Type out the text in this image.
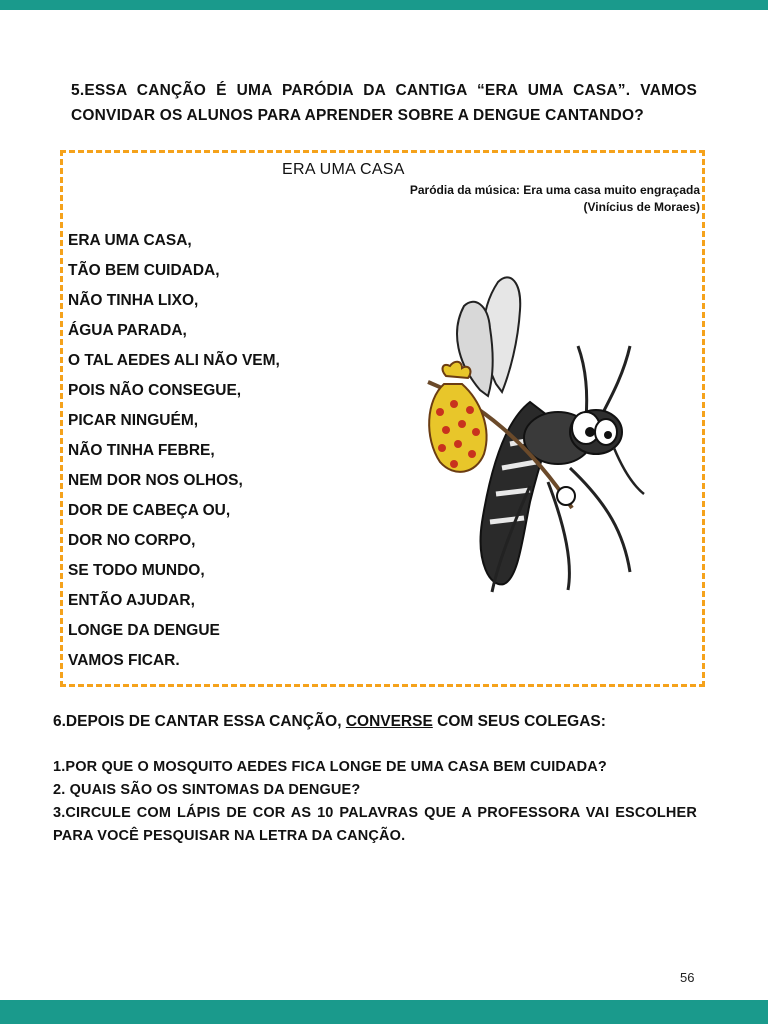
5.ESSA CANÇÃO É UMA PARÓDIA DA CANTIGA “ERA UMA CASA”. VAMOS CONVIDAR OS ALUNOS PARA APRENDER SOBRE A DENGUE CANTANDO?
ERA UMA CASA
Paródia da música: Era uma casa muito engraçada
(Vinícius de Moraes)
ERA UMA CASA,
TÃO BEM CUIDADA,
NÃO TINHA LIXO,
ÁGUA PARADA,
O TAL AEDES ALI NÃO VEM,
POIS NÃO CONSEGUE,
PICAR NINGUÉM,
NÃO TINHA FEBRE,
NEM DOR NOS OLHOS,
DOR DE CABEÇA OU,
DOR NO CORPO,
SE TODO MUNDO,
ENTÃO AJUDAR,
LONGE DA DENGUE
VAMOS FICAR.
6.DEPOIS DE CANTAR ESSA CANÇÃO, CONVERSE COM SEUS COLEGAS:

1.POR QUE O MOSQUITO AEDES FICA LONGE DE UMA CASA BEM CUIDADA?

2. QUAIS SÃO OS SINTOMAS DA DENGUE?

3.CIRCULE COM LÁPIS DE COR AS 10 PALAVRAS QUE A PROFESSORA VAI ESCOLHER PARA VOCÊ PESQUISAR NA LETRA DA CANÇÃO.

56
